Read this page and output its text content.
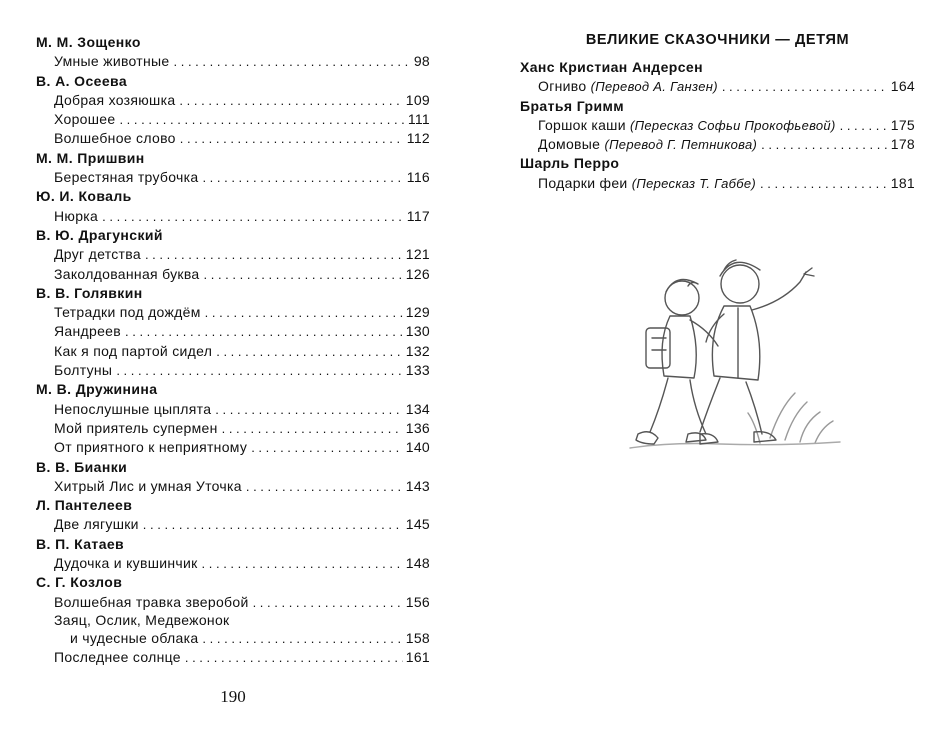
М. М. Зощенко
Умные животные . . .	98
В. А. Осеева
Добрая хозяюшка . . .	109
Хорошее . . .	111
Волшебное слово . . .	112
М. М. Пришвин
Берестяная трубочка . . .	116
Ю. И. Коваль
Нюрка . . .	117
В. Ю. Драгунский
Друг детства . . .	121
Заколдованная буква . . .	126
В. В. Голявкин
Тетрадки под дождём . . .	129
Яандреев . . .	130
Как я под партой сидел . . .	132
Болтуны . . .	133
М. В. Дружинина
Непослушные цыплята . . .	134
Мой приятель супермен . . .	136
От приятного к неприятному . . .	140
В. В. Бианки
Хитрый Лис и умная Уточка . . .	143
Л. Пантелеев
Две лягушки . . .	145
В. П. Катаев
Дудочка и кувшинчик . . .	148
С. Г. Козлов
Волшебная травка зверобой . . .	156
Заяц, Ослик, Медвежонок
и чудесные облака . . .	158
Последнее солнце . . .	161
190
ВЕЛИКИЕ СКАЗОЧНИКИ — ДЕТЯМ
Ханс Кристиан Андерсен
Огниво (Перевод А. Ганзен) . . .	164
Братья Гримм
Горшок каши (Пересказ Софьи Прокофьевой) . . .	175
Домовые (Перевод Г. Петникова) . . .	178
Шарль Перро
Подарки феи (Пересказ Т. Габбе) . . .	181
